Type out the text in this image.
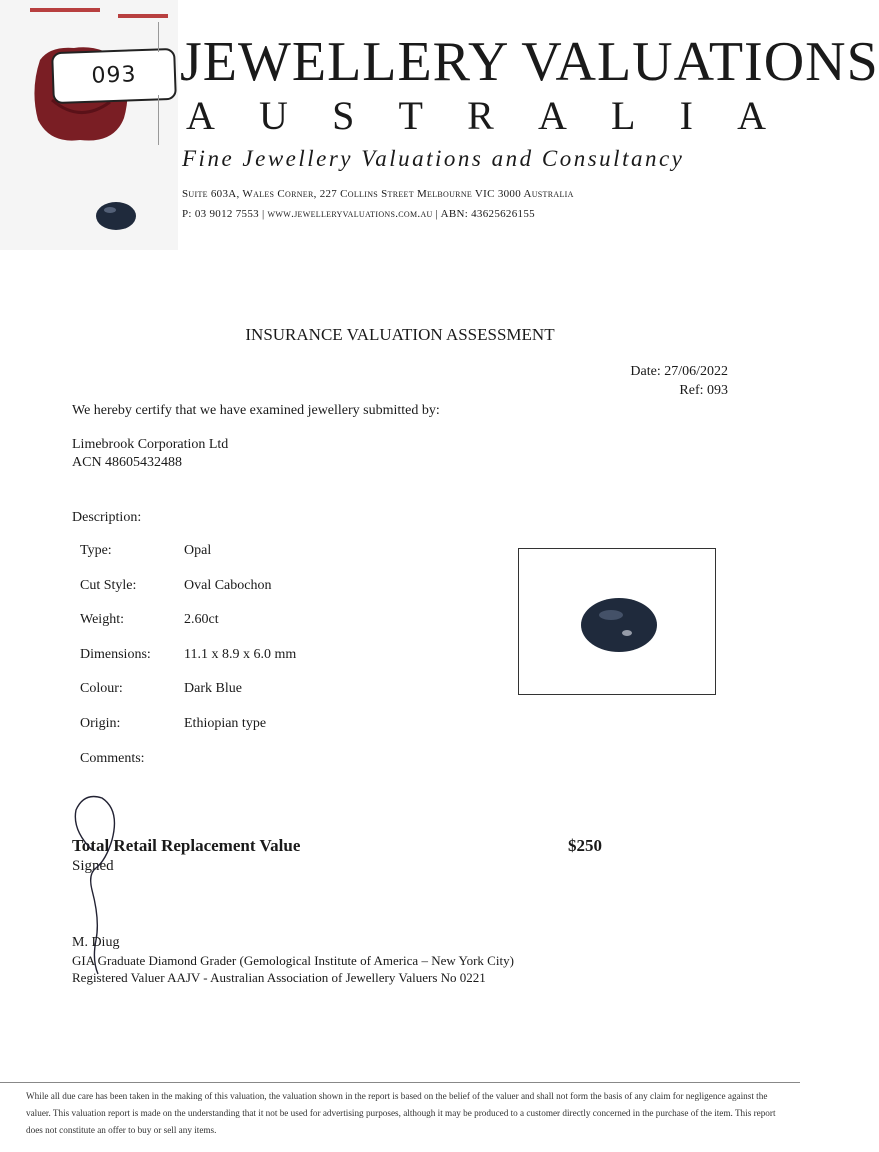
093 JEWELLERY VALUATIONS
A U S T R A L I A
Fine Jewellery Valuations and Consultancy
Suite 603A, Wales Corner, 227 Collins Street Melbourne VIC 3000 Australia
P: 03 9012 7553 | www.jewelleryvaluations.com.au | ABN: 43625626155
INSURANCE VALUATION ASSESSMENT
Date: 27/06/2022
Ref: 093
We hereby certify that we have examined jewellery submitted by:
Limebrook Corporation Ltd
ACN 48605432488
Description:
Type:	Opal
Cut Style:	Oval Cabochon
Weight:	2.60ct
Dimensions: 11.1 x 8.9 x 6.0 mm
Colour:	Dark Blue
Origin:	Ethiopian type
Comments:
Total Retail Replacement Value	$250
Signed
M. Diug
GIA Graduate Diamond Grader (Gemological Institute of America – New York City)
Registered Valuer AAJV - Australian Association of Jewellery Valuers No 0221
While all due care has been taken in the making of this valuation, the valuation shown in the report is based on the belief of the valuer and shall not form the basis of any claim for negligence against the valuer. This valuation report is made on the understanding that it not be used for advertising purposes, although it may be produced to a customer directly concerned in the purchase of the item. This report does not constitute an offer to buy or sell any items.
